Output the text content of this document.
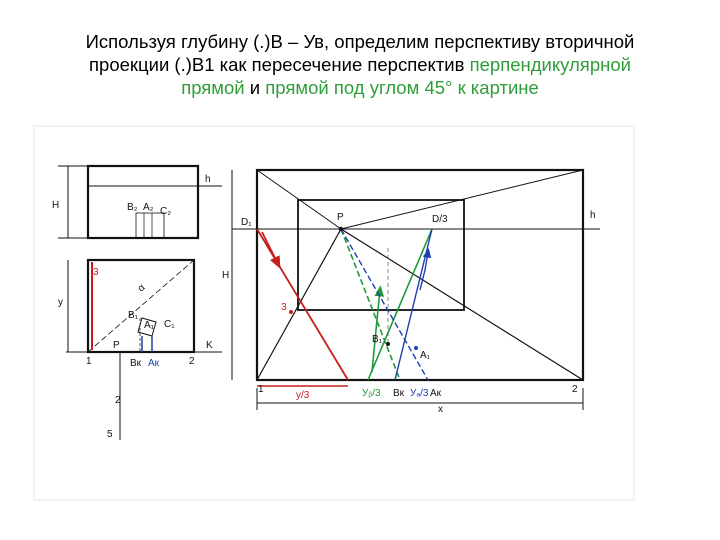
Используя глубину (.)В – Ув, определим перспективу вторичной
проекции (.)В1 как пересечение перспектив перпендикулярной
прямой и прямой под углом 45° к картине
H
h
B₂ A₂ C₂
y
3
B₁
A₁ C₁
P	K
1	2
Bк Aк
2
5
α
H
h
D₁	P	D/3
3
B₁
A₁
1	2
y/3	Уᵦ/3 Bк Уₐ/3 Aк
x
